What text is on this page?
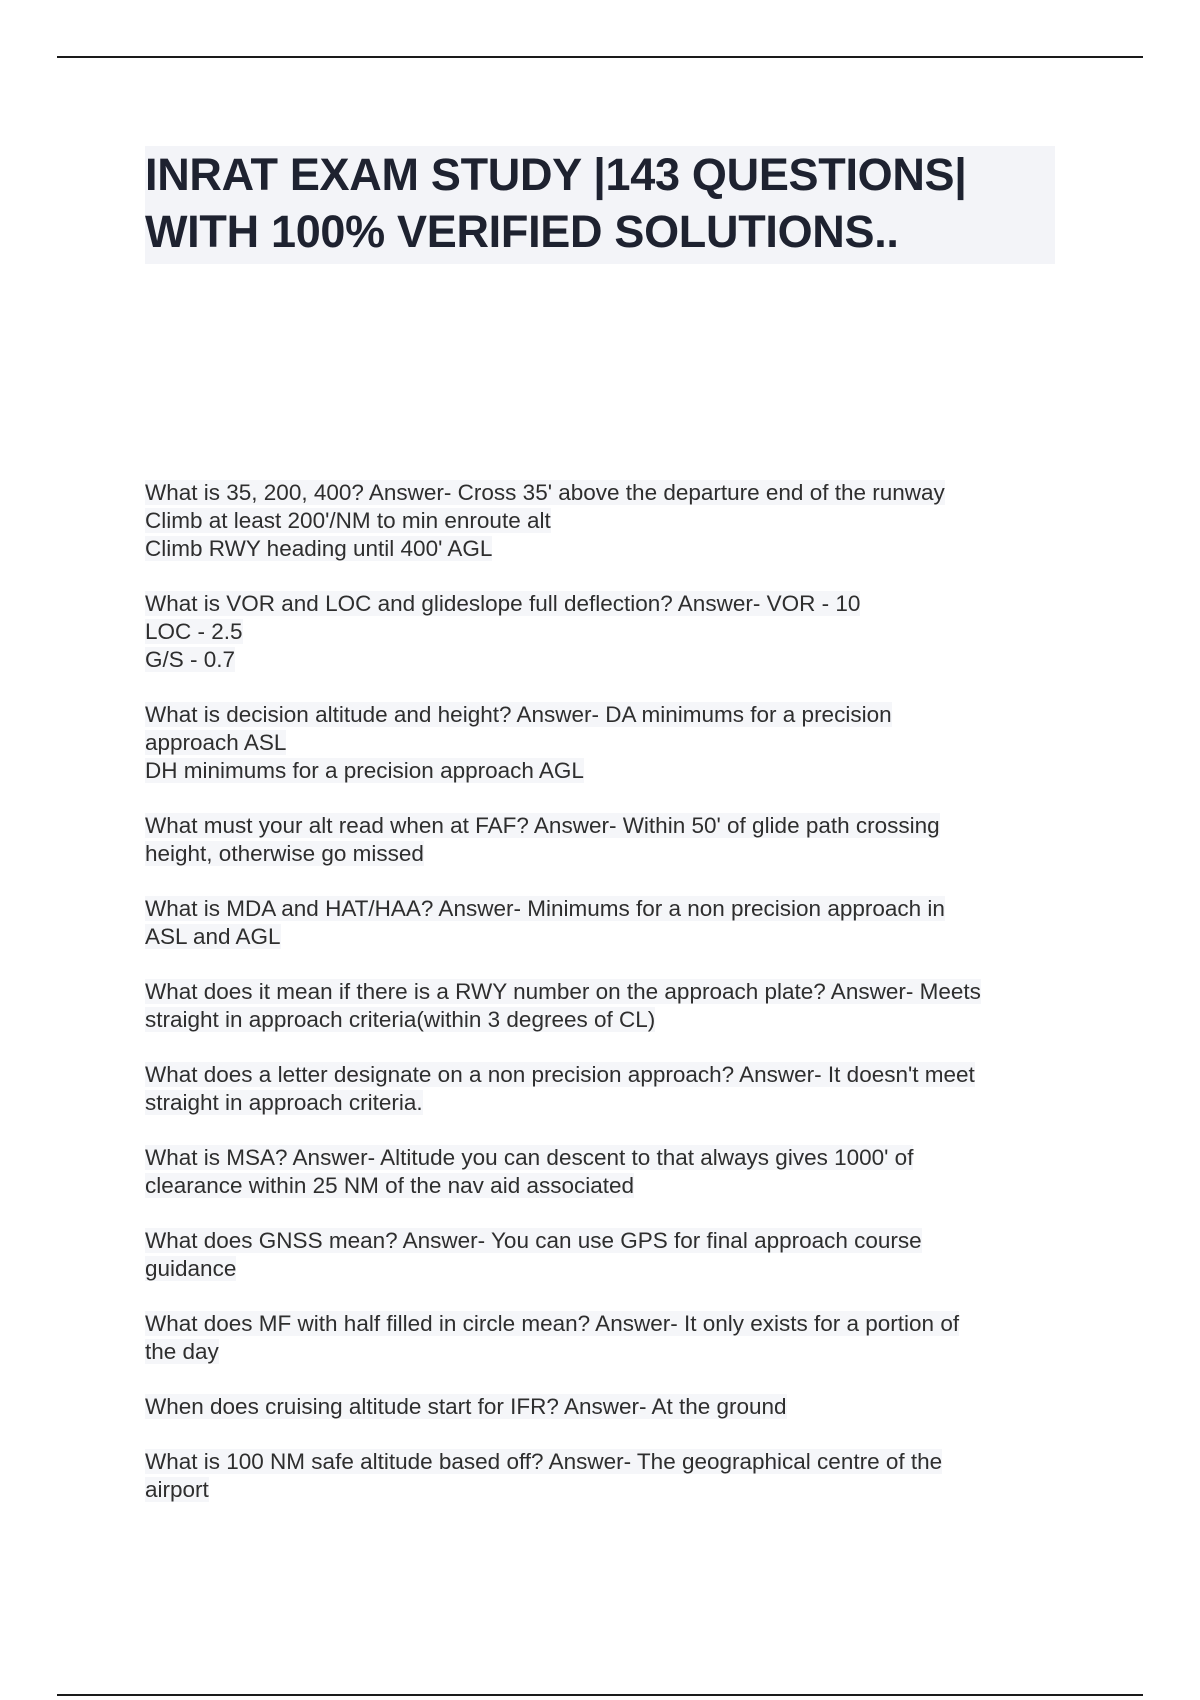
INRAT EXAM STUDY |143 QUESTIONS|
WITH 100% VERIFIED SOLUTIONS..
What is 35, 200, 400? Answer- Cross 35' above the departure end of the runway
Climb at least 200'/NM to min enroute alt
Climb RWY heading until 400' AGL
What is VOR and LOC and glideslope full deflection? Answer- VOR - 10
LOC - 2.5
G/S - 0.7
What is decision altitude and height? Answer- DA minimums for a precision
approach ASL
DH minimums for a precision approach AGL
What must your alt read when at FAF? Answer- Within 50' of glide path crossing
height, otherwise go missed
What is MDA and HAT/HAA? Answer- Minimums for a non precision approach in
ASL and AGL
What does it mean if there is a RWY number on the approach plate? Answer- Meets
straight in approach criteria(within 3 degrees of CL)
What does a letter designate on a non precision approach? Answer- It doesn't meet
straight in approach criteria.
What is MSA? Answer- Altitude you can descent to that always gives 1000' of
clearance within 25 NM of the nav aid associated
What does GNSS mean? Answer- You can use GPS for final approach course
guidance
What does MF with half filled in circle mean? Answer- It only exists for a portion of
the day
When does cruising altitude start for IFR? Answer- At the ground
What is 100 NM safe altitude based off? Answer- The geographical centre of the
airport
